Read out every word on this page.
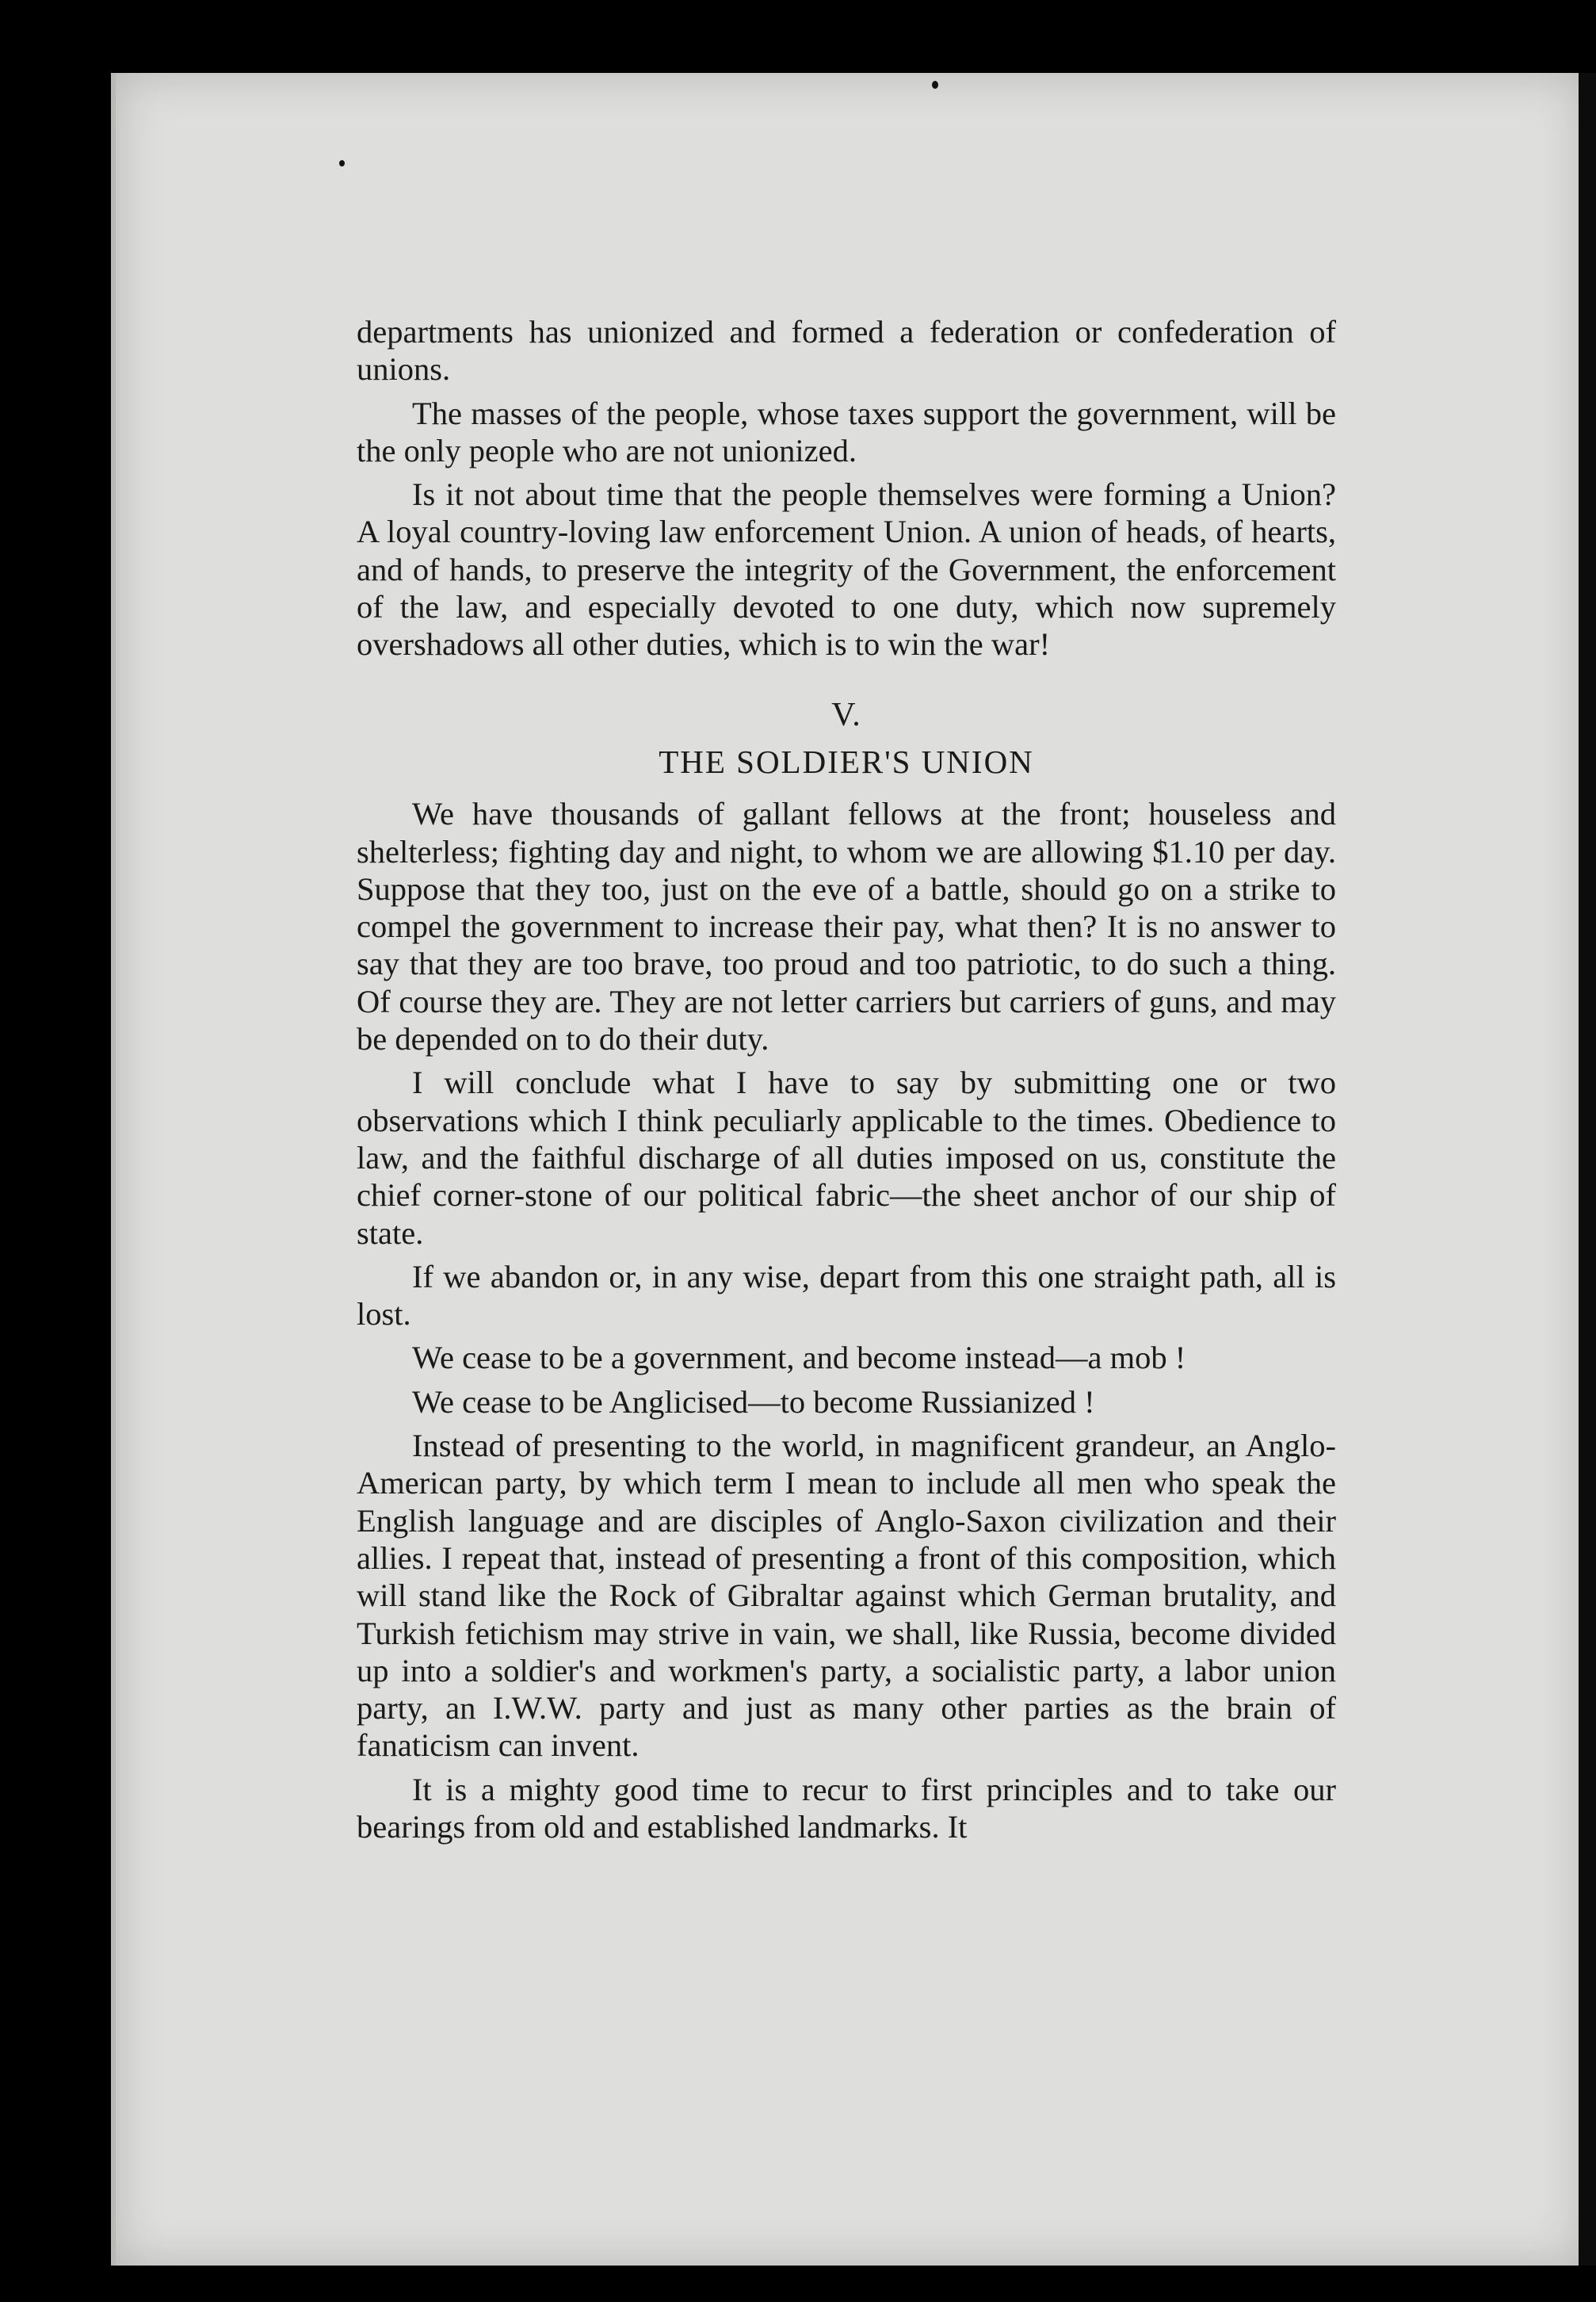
departments has unionized and formed a federation or confederation of unions.

The masses of the people, whose taxes support the government, will be the only people who are not unionized.

Is it not about time that the people themselves were forming a Union? A loyal country-loving law enforcement Union. A union of heads, of hearts, and of hands, to preserve the integrity of the Government, the enforcement of the law, and especially devoted to one duty, which now supremely overshadows all other duties, which is to win the war!

V.
THE SOLDIER'S UNION

We have thousands of gallant fellows at the front; houseless and shelterless; fighting day and night, to whom we are allowing $1.10 per day. Suppose that they too, just on the eve of a battle, should go on a strike to compel the government to increase their pay, what then? It is no answer to say that they are too brave, too proud and too patriotic, to do such a thing. Of course they are. They are not letter carriers but carriers of guns, and may be depended on to do their duty.

I will conclude what I have to say by submitting one or two observations which I think peculiarly applicable to the times. Obedience to law, and the faithful discharge of all duties imposed on us, constitute the chief corner-stone of our political fabric—the sheet anchor of our ship of state.

If we abandon or, in any wise, depart from this one straight path, all is lost.

We cease to be a government, and become instead—a mob !

We cease to be Anglicised—to become Russianized !

Instead of presenting to the world, in magnificent grandeur, an Anglo-American party, by which term I mean to include all men who speak the English language and are disciples of Anglo-Saxon civilization and their allies. I repeat that, instead of presenting a front of this composition, which will stand like the Rock of Gibraltar against which German brutality, and Turkish fetichism may strive in vain, we shall, like Russia, become divided up into a soldier's and workmen's party, a socialistic party, a labor union party, an I.W.W. party and just as many other parties as the brain of fanaticism can invent.

It is a mighty good time to recur to first principles and to take our bearings from old and established landmarks. It
